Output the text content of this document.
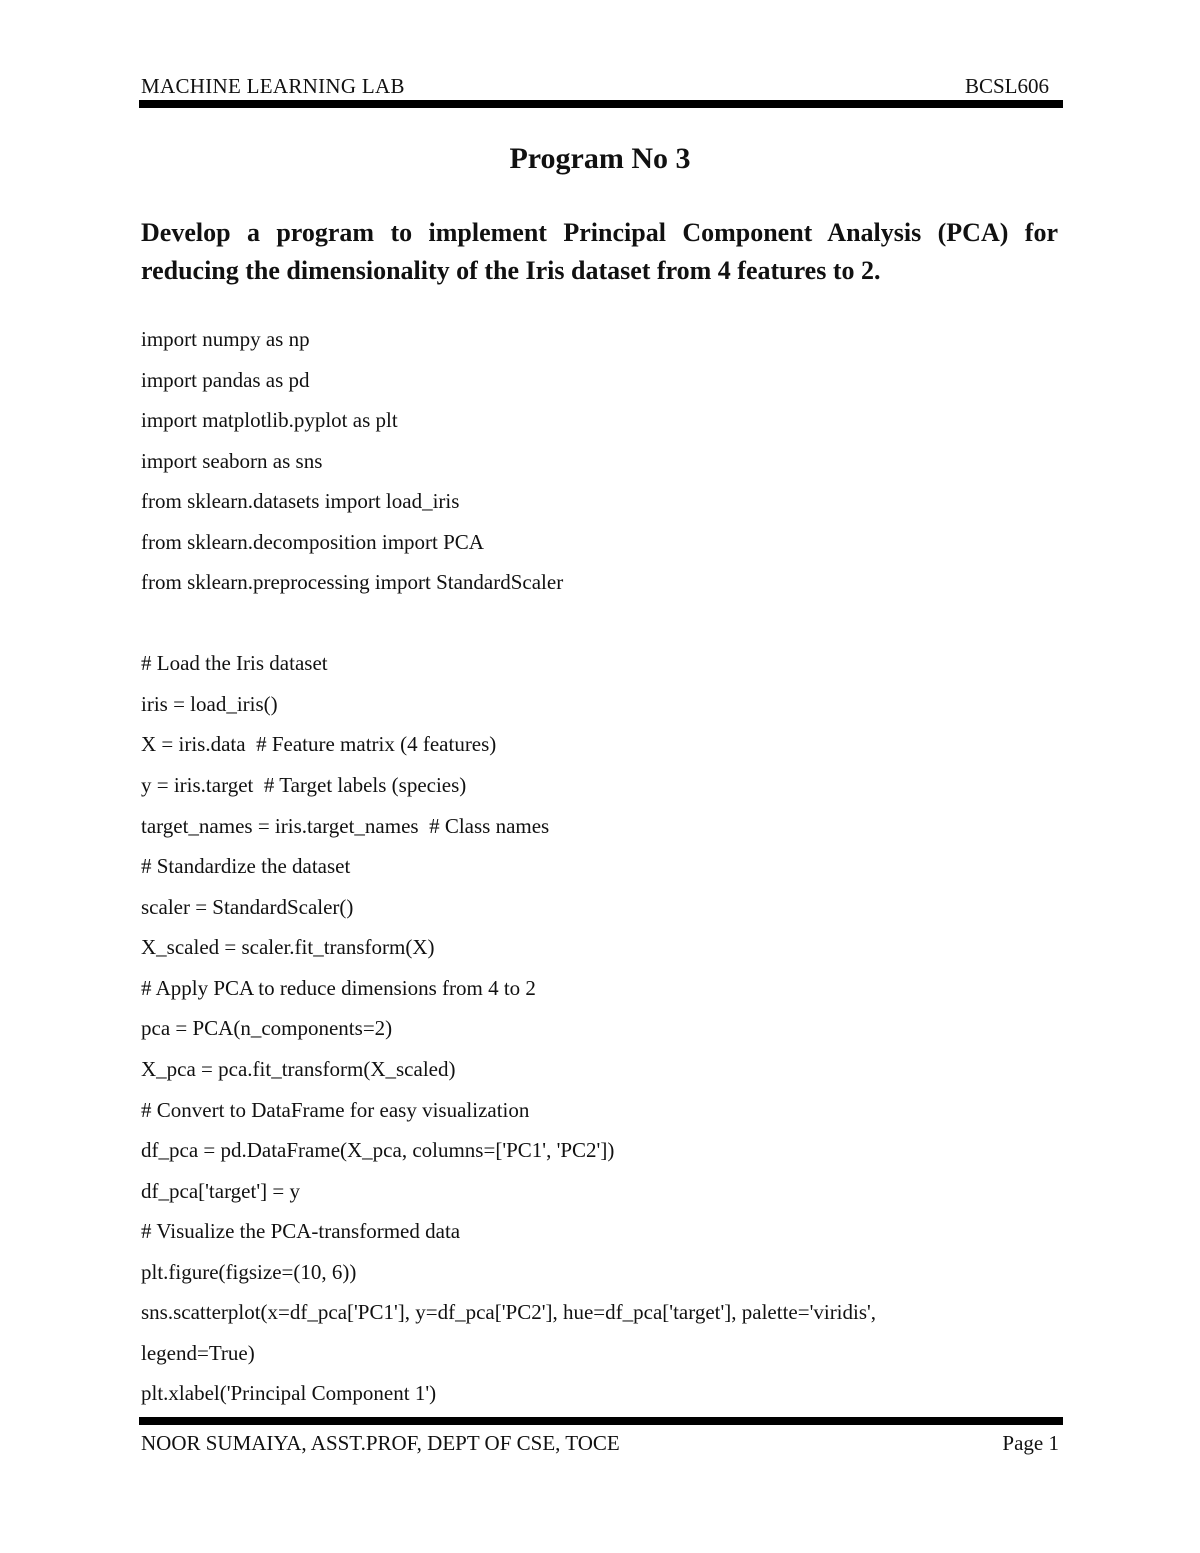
MACHINE LEARNING LAB	BCSL606
Program No 3
Develop a program to implement Principal Component Analysis (PCA) for
reducing the dimensionality of the Iris dataset from 4 features to 2.
import numpy as np
import pandas as pd
import matplotlib.pyplot as plt
import seaborn as sns
from sklearn.datasets import load_iris
from sklearn.decomposition import PCA
from sklearn.preprocessing import StandardScaler
# Load the Iris dataset
iris = load_iris()
X = iris.data  # Feature matrix (4 features)
y = iris.target  # Target labels (species)
target_names = iris.target_names  # Class names
# Standardize the dataset
scaler = StandardScaler()
X_scaled = scaler.fit_transform(X)
# Apply PCA to reduce dimensions from 4 to 2
pca = PCA(n_components=2)
X_pca = pca.fit_transform(X_scaled)
# Convert to DataFrame for easy visualization
df_pca = pd.DataFrame(X_pca, columns=['PC1', 'PC2'])
df_pca['target'] = y
# Visualize the PCA-transformed data
plt.figure(figsize=(10, 6))
sns.scatterplot(x=df_pca['PC1'], y=df_pca['PC2'], hue=df_pca['target'], palette='viridis',
legend=True)
plt.xlabel('Principal Component 1')
NOOR SUMAIYA, ASST.PROF, DEPT OF CSE, TOCE	Page 1
